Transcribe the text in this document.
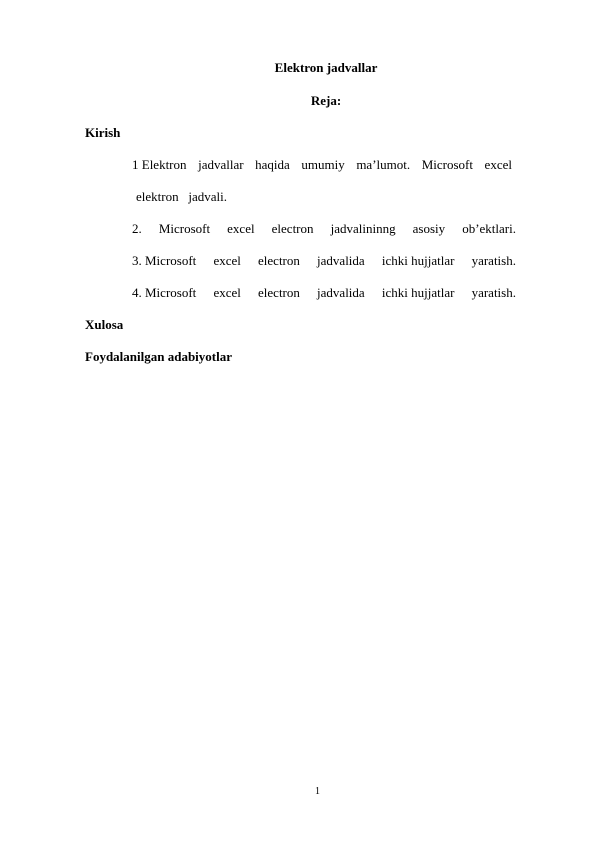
Elektron jadvallar

Reja:

Kirish

1 Elektron jadvallar haqida umumiy ma’lumot. Microsoft excel

elektron   jadvali.

2. Microsoft excel electron jadvalininng asosiy ob’ektlari.
3. Microsoft excel electron jadvalida ichki hujjatlar yaratish.
4. Microsoft excel electron jadvalida ichki hujjatlar yaratish.

Xulosa

Foydalanilgan adabiyotlar

1
